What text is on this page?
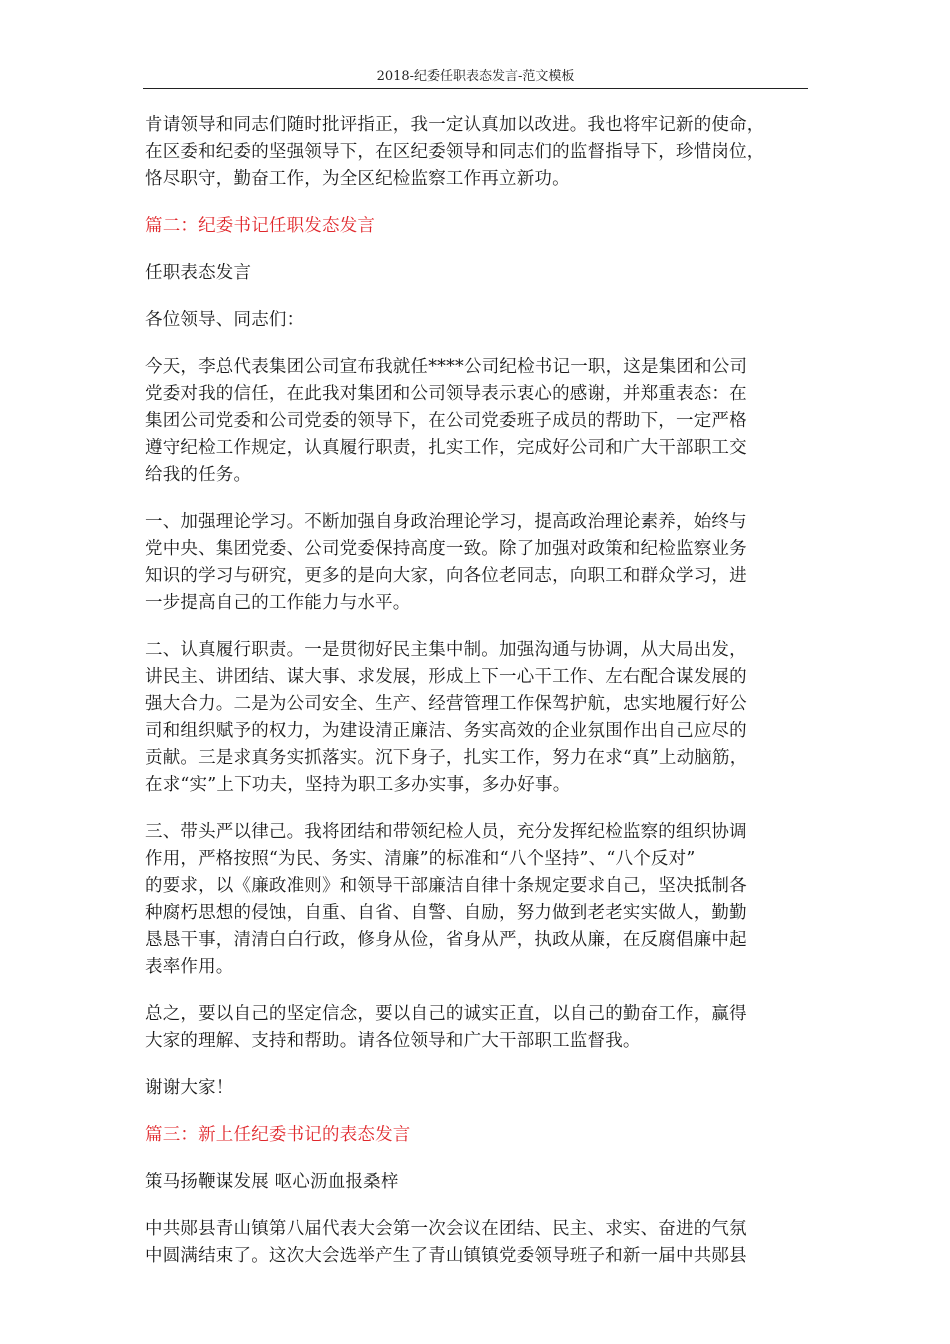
2018-纪委任职表态发言-范文模板

肯请领导和同志们随时批评指正，我一定认真加以改进。我也将牢记新的使命，
在区委和纪委的坚强领导下，在区纪委领导和同志们的监督指导下，珍惜岗位，
恪尽职守，勤奋工作，为全区纪检监察工作再立新功。

篇二：纪委书记任职发态发言

任职表态发言

各位领导、同志们：

今天，李总代表集团公司宣布我就任****公司纪检书记一职，这是集团和公司
党委对我的信任，在此我对集团和公司领导表示衷心的感谢，并郑重表态：在
集团公司党委和公司党委的领导下，在公司党委班子成员的帮助下，一定严格
遵守纪检工作规定，认真履行职责，扎实工作，完成好公司和广大干部职工交
给我的任务。

一、加强理论学习。不断加强自身政治理论学习，提高政治理论素养，始终与
党中央、集团党委、公司党委保持高度一致。除了加强对政策和纪检监察业务
知识的学习与研究，更多的是向大家，向各位老同志，向职工和群众学习，进
一步提高自己的工作能力与水平。

二、认真履行职责。一是贯彻好民主集中制。加强沟通与协调，从大局出发，
讲民主、讲团结、谋大事、求发展，形成上下一心干工作、左右配合谋发展的
强大合力。二是为公司安全、生产、经营管理工作保驾护航，忠实地履行好公
司和组织赋予的权力，为建设清正廉洁、务实高效的企业氛围作出自己应尽的
贡献。三是求真务实抓落实。沉下身子，扎实工作，努力在求“真”上动脑筋，
在求“实”上下功夫，坚持为职工多办实事，多办好事。

三、带头严以律己。我将团结和带领纪检人员，充分发挥纪检监察的组织协调
作用，严格按照“为民、务实、清廉”的标准和“八个坚持”、“八个反对”
的要求，以《廉政准则》和领导干部廉洁自律十条规定要求自己，坚决抵制各
种腐朽思想的侵蚀，自重、自省、自警、自励，努力做到老老实实做人，勤勤
恳恳干事，清清白白行政，修身从俭，省身从严，执政从廉，在反腐倡廉中起
表率作用。

总之，要以自己的坚定信念，要以自己的诚实正直，以自己的勤奋工作，赢得
大家的理解、支持和帮助。请各位领导和广大干部职工监督我。

谢谢大家！

篇三：新上任纪委书记的表态发言

策马扬鞭谋发展 呕心沥血报桑梓

中共郧县青山镇第八届代表大会第一次会议在团结、民主、求实、奋进的气氛
中圆满结束了。这次大会选举产生了青山镇镇党委领导班子和新一届中共郧县
